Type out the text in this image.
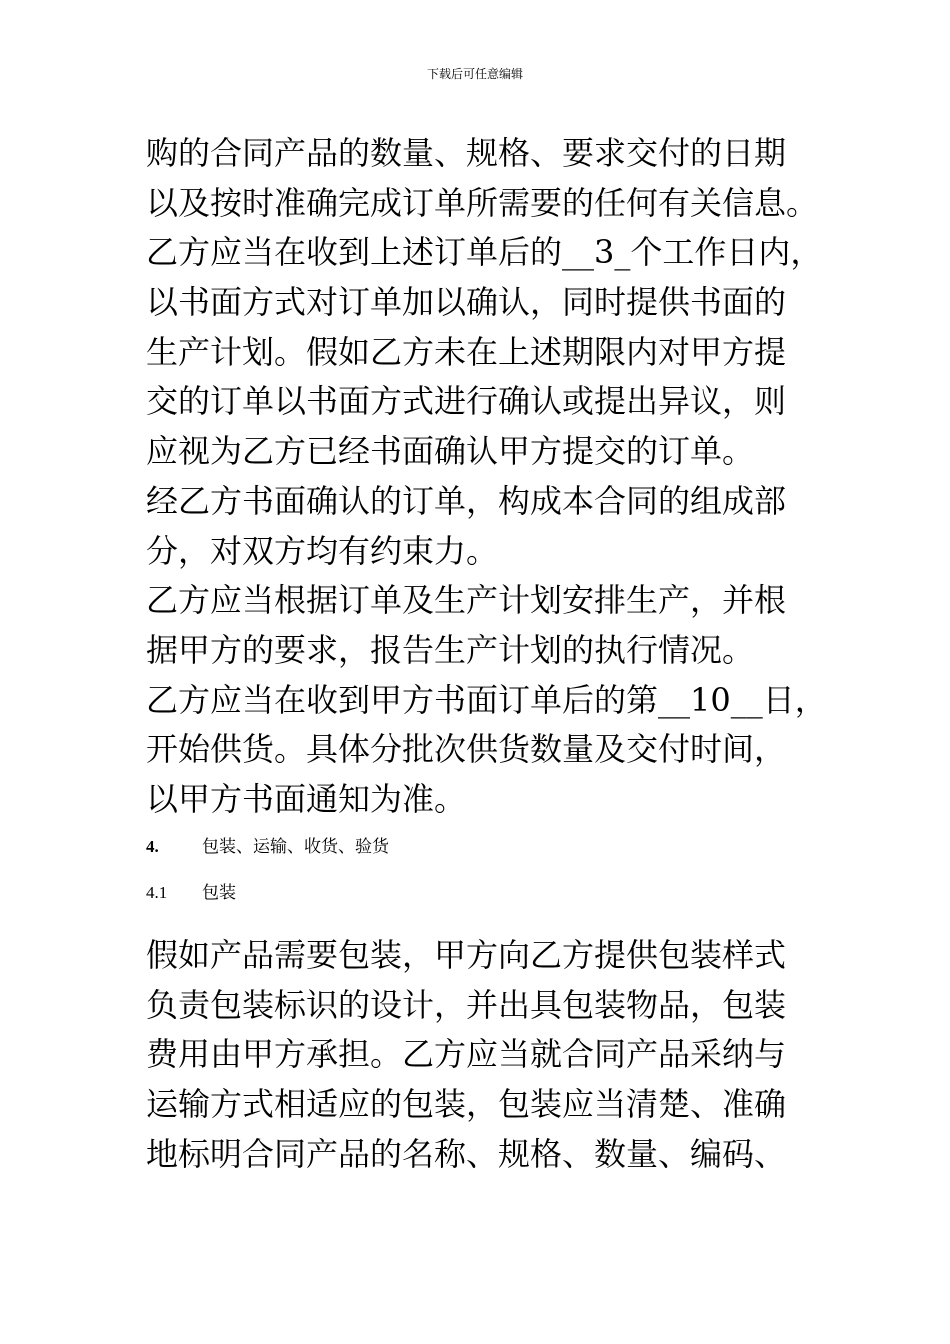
下载后可任意编辑
购的合同产品的数量、规格、要求交付的日期
以及按时准确完成订单所需要的任何有关信息。
乙方应当在收到上述订单后的__3_个工作日内，
以书面方式对订单加以确认，同时提供书面的
生产计划。假如乙方未在上述期限内对甲方提
交的订单以书面方式进行确认或提出异议，则
应视为乙方已经书面确认甲方提交的订单。
经乙方书面确认的订单，构成本合同的组成部
分，对双方均有约束力。
乙方应当根据订单及生产计划安排生产，并根
据甲方的要求，报告生产计划的执行情况。
乙方应当在收到甲方书面订单后的第__10__日，
开始供货。具体分批次供货数量及交付时间，
以甲方书面通知为准。
4.	包装、运输、收货、验货
4.1 包装
假如产品需要包装，甲方向乙方提供包装样式
负责包装标识的设计，并出具包装物品，包装
费用由甲方承担。乙方应当就合同产品采纳与
运输方式相适应的包装，包装应当清楚、准确
地标明合同产品的名称、规格、数量、编码、
